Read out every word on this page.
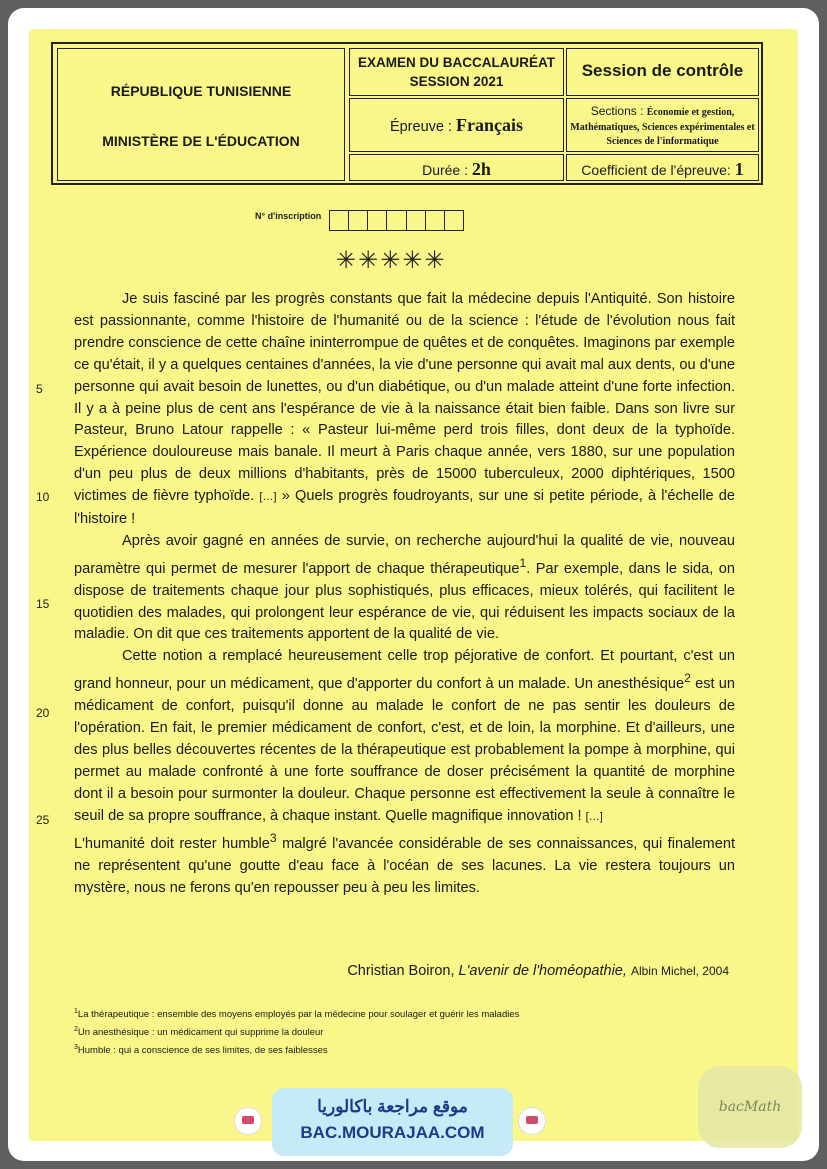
RÉPUBLIQUE TUNISIENNE
MINISTÈRE DE L'ÉDUCATION
EXAMEN DU BACCALAURÉAT
SESSION 2021
Session de contrôle
Épreuve : Français
Sections : Économie et gestion,
Mathématiques, Sciences expérimentales et
Sciences de l'informatique
Durée : 2h	Coefficient de l'épreuve: 1
N° d'inscription
✳✳✳✳✳
5
10
15
20
25

Je suis fasciné par les progrès constants que fait la médecine depuis l'Antiquité. Son histoire est passionnante, comme l'histoire de l'humanité ou de la science : l'étude de l'évolution nous fait prendre conscience de cette chaîne ininterrompue de quêtes et de conquêtes. Imaginons par exemple ce qu'était, il y a quelques centaines d'années, la vie d'une personne qui avait mal aux dents, ou d'une personne qui avait besoin de lunettes, ou d'un diabétique, ou d'un malade atteint d'une forte infection. Il y a à peine plus de cent ans l'espérance de vie à la naissance était bien faible. Dans son livre sur Pasteur, Bruno Latour rappelle : « Pasteur lui-même perd trois filles, dont deux de la typhoïde. Expérience douloureuse mais banale. Il meurt à Paris chaque année, vers 1880, sur une population d'un peu plus de deux millions d'habitants, près de 15000 tuberculeux, 2000 diphtériques, 1500 victimes de fièvre typhoïde. […] » Quels progrès foudroyants, sur une si petite période, à l'échelle de l'histoire !

Après avoir gagné en années de survie, on recherche aujourd'hui la qualité de vie, nouveau paramètre qui permet de mesurer l'apport de chaque thérapeutique$^1$. Par exemple, dans le sida, on dispose de traitements chaque jour plus sophistiqués, plus efficaces, mieux tolérés, qui facilitent le quotidien des malades, qui prolongent leur espérance de vie, qui réduisent les impacts sociaux de la maladie. On dit que ces traitements apportent de la qualité de vie.

Cette notion a remplacé heureusement celle trop péjorative de confort. Et pourtant, c'est un grand honneur, pour un médicament, que d'apporter du confort à un malade. Un anesthésique$^2$ est un médicament de confort, puisqu'il donne au malade le confort de ne pas sentir les douleurs de l'opération. En fait, le premier médicament de confort, c'est, et de loin, la morphine. Et d'ailleurs, une des plus belles découvertes récentes de la thérapeutique est probablement la pompe à morphine, qui permet au malade confronté à une forte souffrance de doser précisément la quantité de morphine dont il a besoin pour surmonter la douleur. Chaque personne est effectivement la seule à connaître le seuil de sa propre souffrance, à chaque instant. Quelle magnifique innovation ! […]

L'humanité doit rester humble$^3$ malgré l'avancée considérable de ses connaissances, qui finalement ne représentent qu'une goutte d'eau face à l'océan de ses lacunes. La vie restera toujours un mystère, nous ne ferons qu'en repousser peu à peu les limites.

Christian Boiron, L'avenir de l'homéopathie, Albin Michel, 2004
$^1$La thérapeutique : ensemble des moyens employés par la médecine pour soulager et guérir les maladies
$^2$Un anesthésique : un médicament qui supprime la douleur
$^3$Humble : qui a conscience de ses limites, de ses faiblesses
موقع مراجعة باكالوريا
BAC.MOURAJAA.COM
bacMath
